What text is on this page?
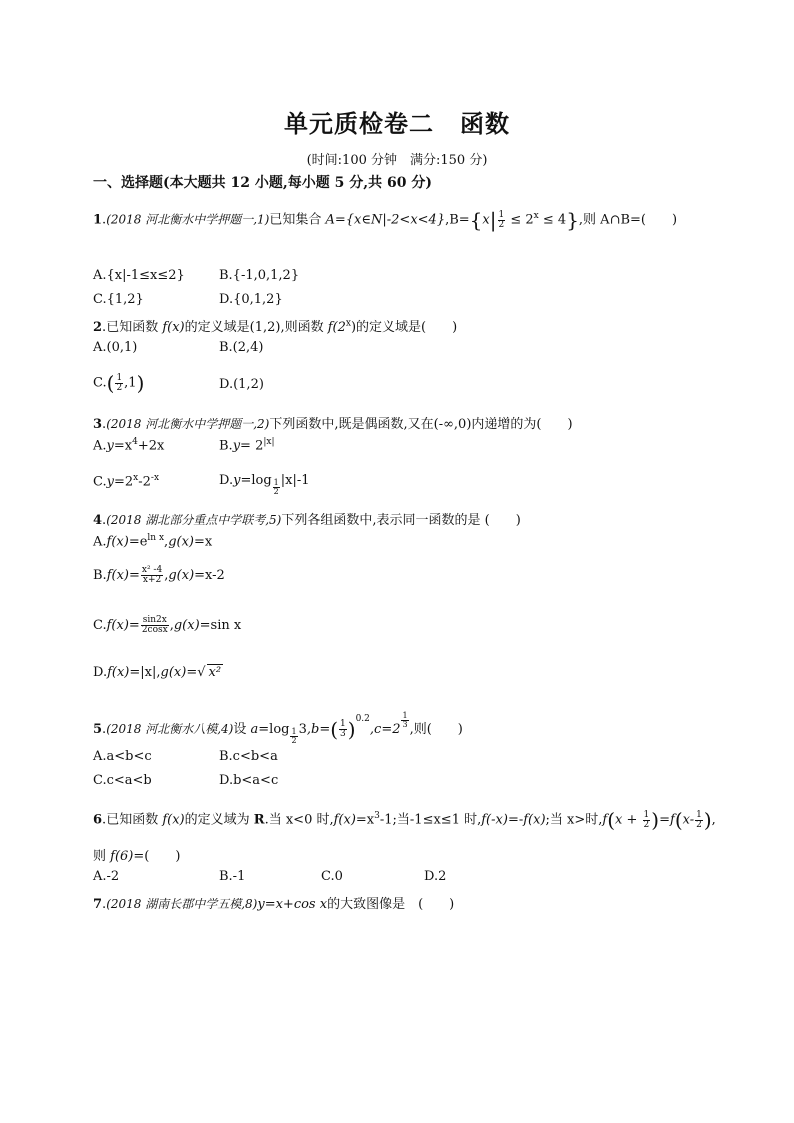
单元质检卷二 函数
(时间:100 分钟　满分:150 分)
一、选择题(本大题共 12 小题,每小题 5 分,共 60 分)
1.(2018 河北衡水中学押题一,1)已知集合 A={x∈N|-2<x<4},B={x| $\frac{1}{2} \le 2^x \le 4$},则 A∩B=(　　)
A.{x|-1≤x≤2}	B.{-1,0,1,2}
C.{1,2}	D.{0,1,2}
2.已知函数 f(x)的定义域是(1,2),则函数 f(2$^x$)的定义域是(　　)
A.(0,1)	B.(2,4)
$C.( \frac{1}{2} ,1)$	D.(1,2)
3.(2018 河北衡水中学押题一,2)下列函数中,既是偶函数,又在(-∞,0)内递增的为(　　)
$A.y=x^4+2x$	$B.y= 2^{|x|}$
$C.y=2^x-2^{-x}$	$D.y=\log \frac{1}{2} |x|-1$
4.(2018 湖北部分重点中学联考,5)下列各组函数中,表示同一函数的是 (　　)
$A.f(x)=e^{ln x},g(x)=x$
$B.f(x)= \frac{\text{x² -4}}{x+2} ,g(x)=x-2$
$C.f(x)= \frac{\sin 2x}{2\cos x} ,g(x)=\sin$ x
D.f(x)=|x|,g(x)=√ x²
5.(2018 河北衡水八模,4)设 $a=\log \frac{1}{2} 3,b=( \frac{1}{3} )^{0.2},c=2$
$\frac{1}{3}$
,则(　　)
A.a<b<c	B.c<b<a
C.c<a<b	D.b<a<c
6.已知函数 f(x)的定义域为 R.当 x<0 时$,f(x)=x^3-1$;当-1≤x≤1 时,f(-x)=-f(x);当 x>时$,f(x + \frac{1}{2} )=f(x- \frac{1}{2}$ ),
则 f(6)=(　　)
A.-2	B.-1	C.0	D.2
7.(2018 湖南长郡中学五模,8)y=x+cos x的大致图像是　(　　)
